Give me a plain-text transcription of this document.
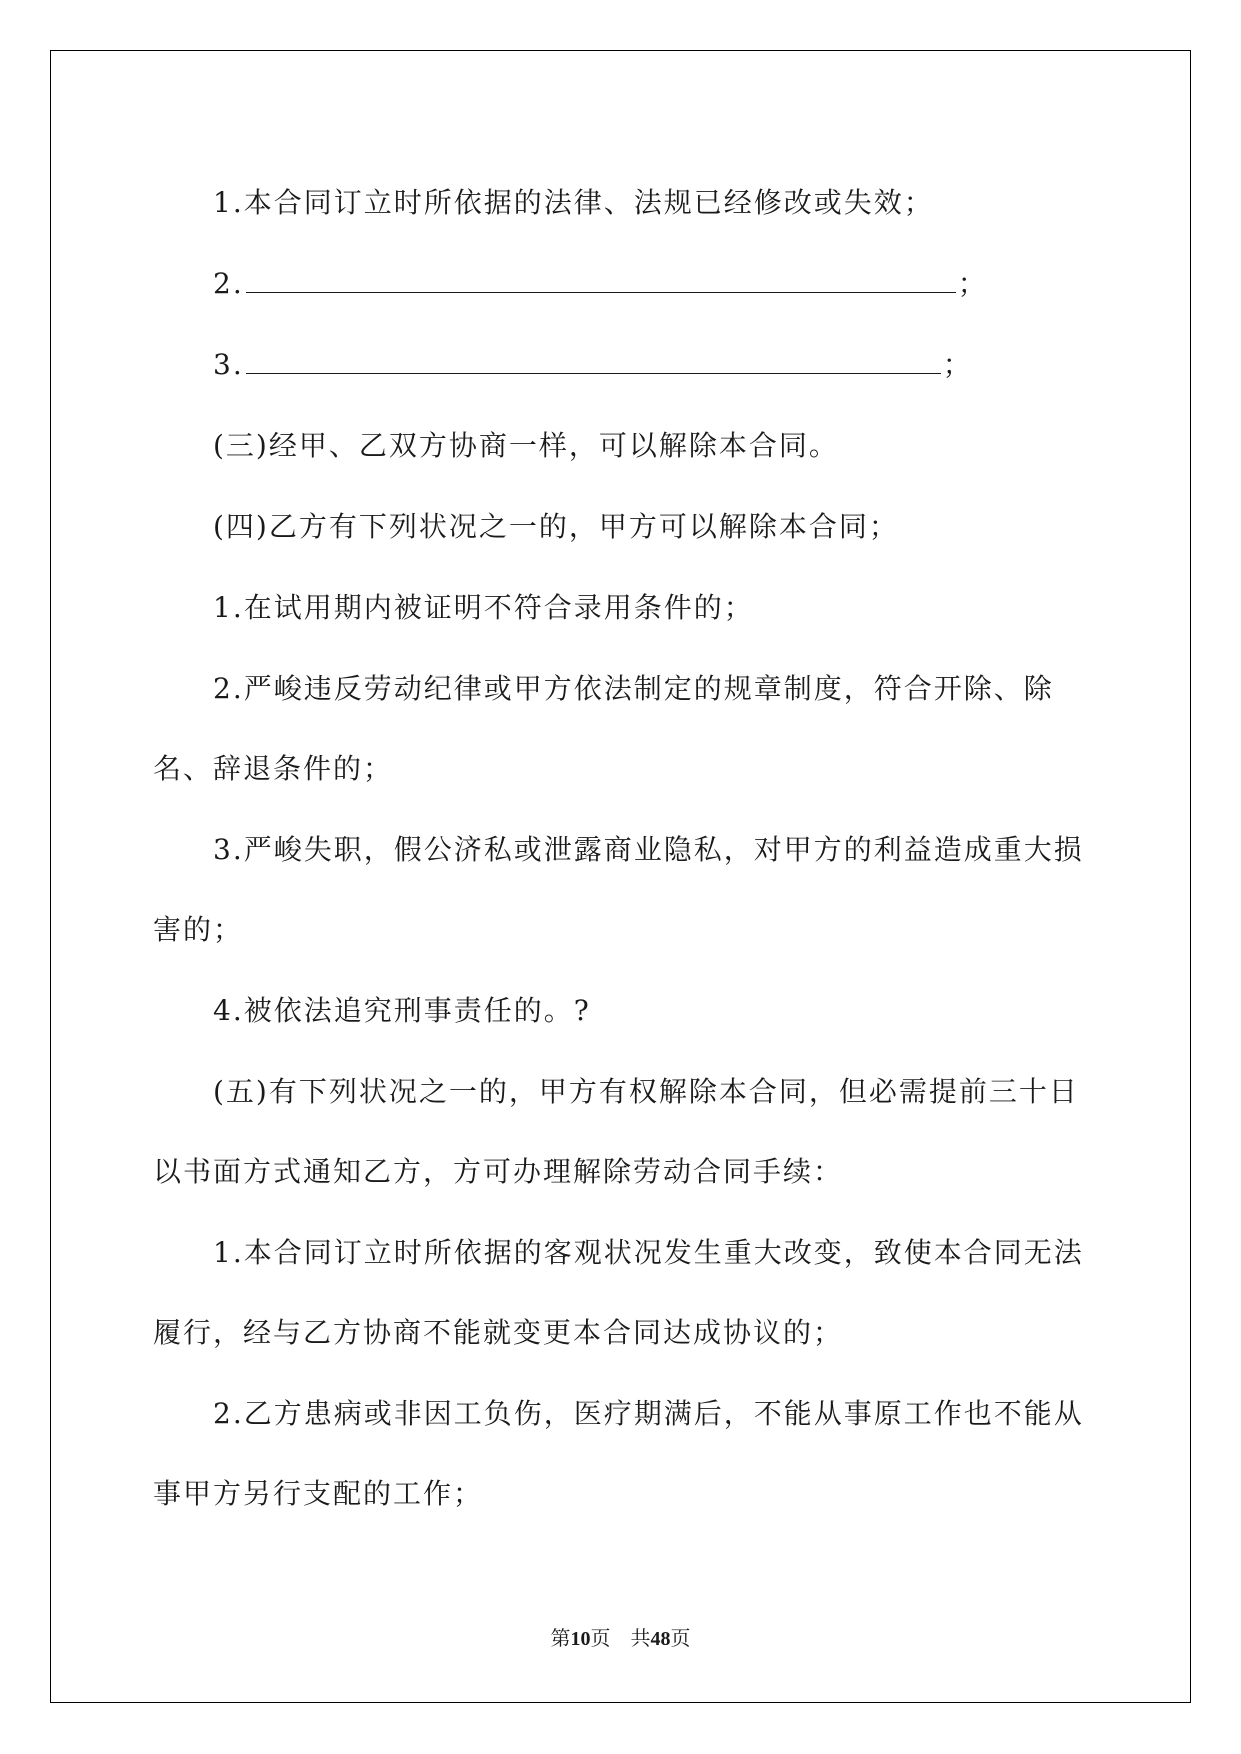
1.本合同订立时所依据的法律、法规已经修改或失效；

2.	；

3.	；

(三)经甲、乙双方协商一样，可以解除本合同。

(四)乙方有下列状况之一的，甲方可以解除本合同；

1.在试用期内被证明不符合录用条件的；

2.严峻违反劳动纪律或甲方依法制定的规章制度，符合开除、除名、辞退条件的；

3.严峻失职，假公济私或泄露商业隐私，对甲方的利益造成重大损害的；

4.被依法追究刑事责任的。?

(五)有下列状况之一的，甲方有权解除本合同，但必需提前三十日以书面方式通知乙方，方可办理解除劳动合同手续：

1.本合同订立时所依据的客观状况发生重大改变，致使本合同无法履行，经与乙方协商不能就变更本合同达成协议的；

2.乙方患病或非因工负伤，医疗期满后，不能从事原工作也不能从事甲方另行支配的工作；

第10页 共48页
